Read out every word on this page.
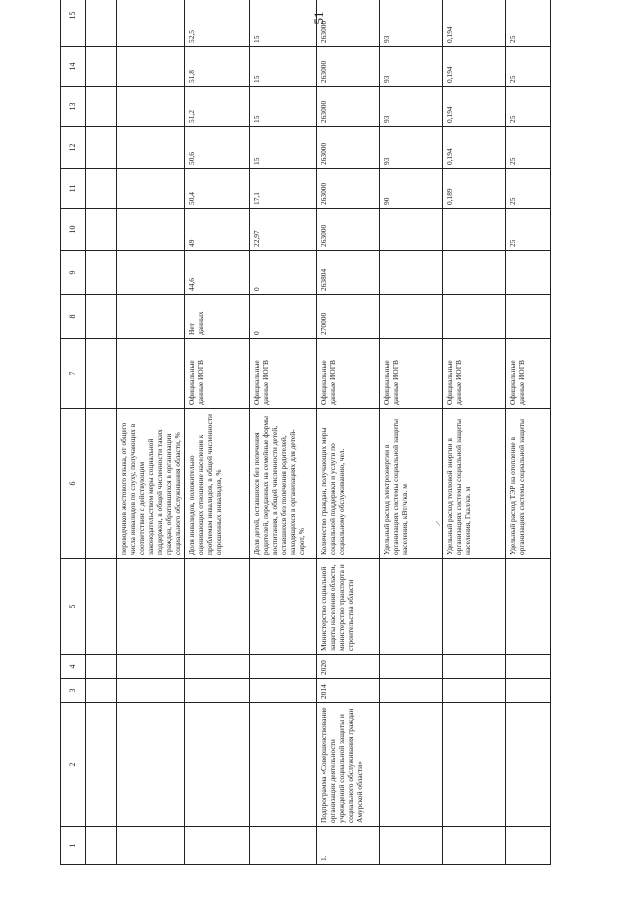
51
1	2	3	4	5	6	7	8	9	10	11	12	13	14	15

					переводчиков жестового языка, от общего числа инвалидов по слуху, получающих в соответствии с действующим законодательством меры социальной поддержки, в общей численности таких граждан, обратившихся в организации социального обслуживания области, %									
					Доля инвалидов, положительно оценивающих отношение населения к проблемам инвалидов, в общей численности опрошенных инвалидов, %	Официальные данные ИОГВ	Нет данных	44,6	49	50,4	50,6	51,2	51,8	52,5
					Доля детей, оставшихся без попечения родителей, переданных на семейные формы воспитания, в общей численности детей, оставшихся без попечения родителей, находящихся в организациях для детей-сирот, %	Официальные данные ИОГВ	0	0	22,97	17,1	15	15	15	15
1.	Подпрограмма «Совершенствование организации деятельности учреждений социальной защиты и социального обслуживания граждан Амурской области»	2014	2020	Министерство социальной защиты населения области, министерство транспорта и строительства области	Количество граждан, получающих меры социальной поддержки и услуги по социальному обслуживанию, чел.	Официальные данные ИОГВ	270000	263804	263000	263000	263000	263000	263000	263000
					Удельный расход электроэнергии в организациях системы социальной защиты населения, кВт/ч/кв. м	Официальные данные ИОГВ				90	93	93	93	93
					Удельный расход тепловой энергии в организациях системы социальной защиты населения, Гкал/кв. м	Официальные данные ИОГВ				0,189	0,194	0,194	0,194	0,194
					Удельный расход ТЭР на отопление в организациях системы социальной защиты	Официальные данные ИОГВ			25	25	25	25	25	25
/
